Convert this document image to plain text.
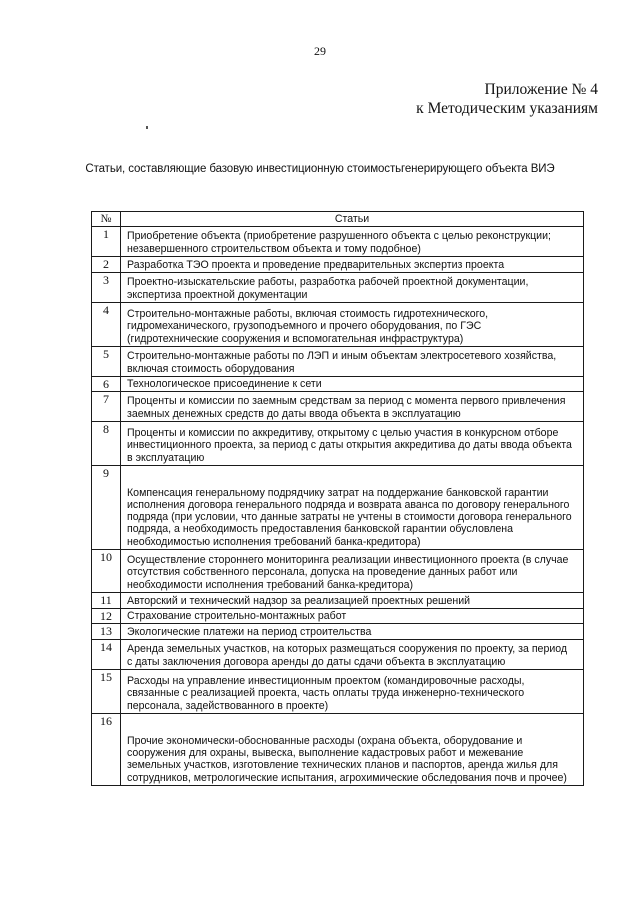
29
Приложение № 4
к Методическим указаниям
Статьи, составляющие базовую инвестиционную стоимостьгенерирующего объекта ВИЭ
№	Статьи
1	Приобретение объекта (приобретение разрушенного объекта с целью реконструкции;
незавершенного строительством объекта и тому подобное)

2	Разработка ТЭО проекта и проведение предварительных экспертиз проекта

3	Проектно-изыскательские работы, разработка рабочей проектной документации,
экспертиза проектной документации

4	Строительно-монтажные работы, включая стоимость гидротехнического,
гидромеханического, грузоподъемного и прочего оборудования, по ГЭС
(гидротехнические сооружения и вспомогательная инфраструктура)

5	Строительно-монтажные работы по ЛЭП и иным объектам электросетевого хозяйства,
включая стоимость оборудования

6	Технологическое присоединение к сети

7	Проценты и комиссии по заемным средствам за период с момента первого привлечения
заемных денежных средств до даты ввода объекта в эксплуатацию

8	Проценты и комиссии по аккредитиву, открытому с целью участия в конкурсном отборе
инвестиционного проекта, за период с даты открытия аккредитива до даты ввода объекта
в эксплуатацию

9	Компенсация генеральному подрядчику затрат на поддержание банковской гарантии
исполнения договора генерального подряда и возврата аванса по договору генерального
подряда (при условии, что данные затраты не учтены в стоимости договора генерального
подряда, а необходимость предоставления банковской гарантии обусловлена
необходимостью исполнения требований банка-кредитора)

10	Осуществление стороннего мониторинга реализации инвестиционного проекта (в случае
отсутствия собственного персонала, допуска на проведение данных работ или
необходимости исполнения требований банка-кредитора)

11	Авторский и технический надзор за реализацией проектных решений

12	Страхование строительно-монтажных работ

13	Экологические платежи на период строительства

14	Аренда земельных участков, на которых размещаться сооружения по проекту, за период
с даты заключения договора аренды до даты сдачи объекта в эксплуатацию

15	Расходы на управление инвестиционным проектом (командировочные расходы,
связанные с реализацией проекта, часть оплаты труда инженерно-технического
персонала, задействованного в проекте)

16	Прочие экономически-обоснованные расходы (охрана объекта, оборудование и
сооружения для охраны, вывеска, выполнение кадастровых работ и межевание
земельных участков, изготовление технических планов и паспортов, аренда жилья для
сотрудников, метрологические испытания, агрохимические обследования почв и прочее)
